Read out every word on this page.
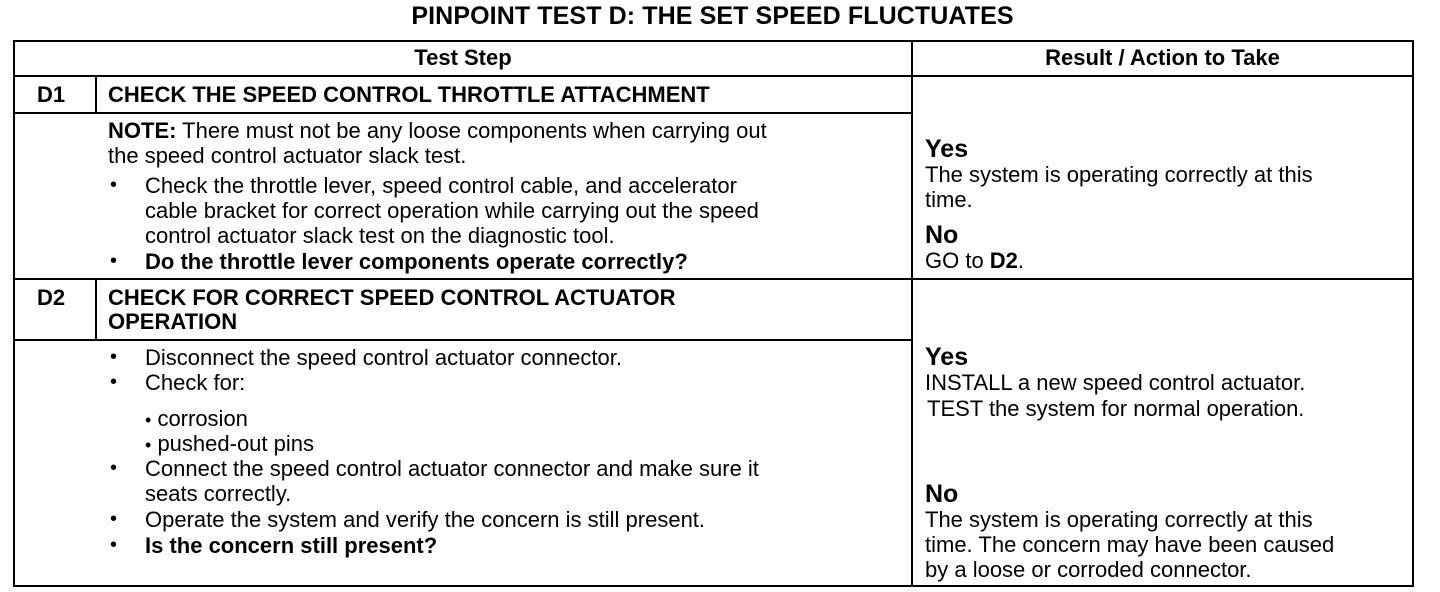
PINPOINT TEST D: THE SET SPEED FLUCTUATES
Test Step	Result / Action to Take
D1 CHECK THE SPEED CONTROL THROTTLE ATTACHMENT
NOTE: There must not be any loose components when carrying out
the speed control actuator slack test.
• Check the throttle lever, speed control cable, and accelerator
cable bracket for correct operation while carrying out the speed
control actuator slack test on the diagnostic tool.
• Do the throttle lever components operate correctly?
Yes
The system is operating correctly at this
time.
No
GO to D2.
D2 CHECK FOR CORRECT SPEED CONTROL ACTUATOR
OPERATION
• Disconnect the speed control actuator connector.
• Check for:
• corrosion
• pushed-out pins
• Connect the speed control actuator connector and make sure it
seats correctly.
• Operate the system and verify the concern is still present.
• Is the concern still present?
Yes
INSTALL a new speed control actuator.
TEST the system for normal operation.
No
The system is operating correctly at this
time. The concern may have been caused
by a loose or corroded connector.
